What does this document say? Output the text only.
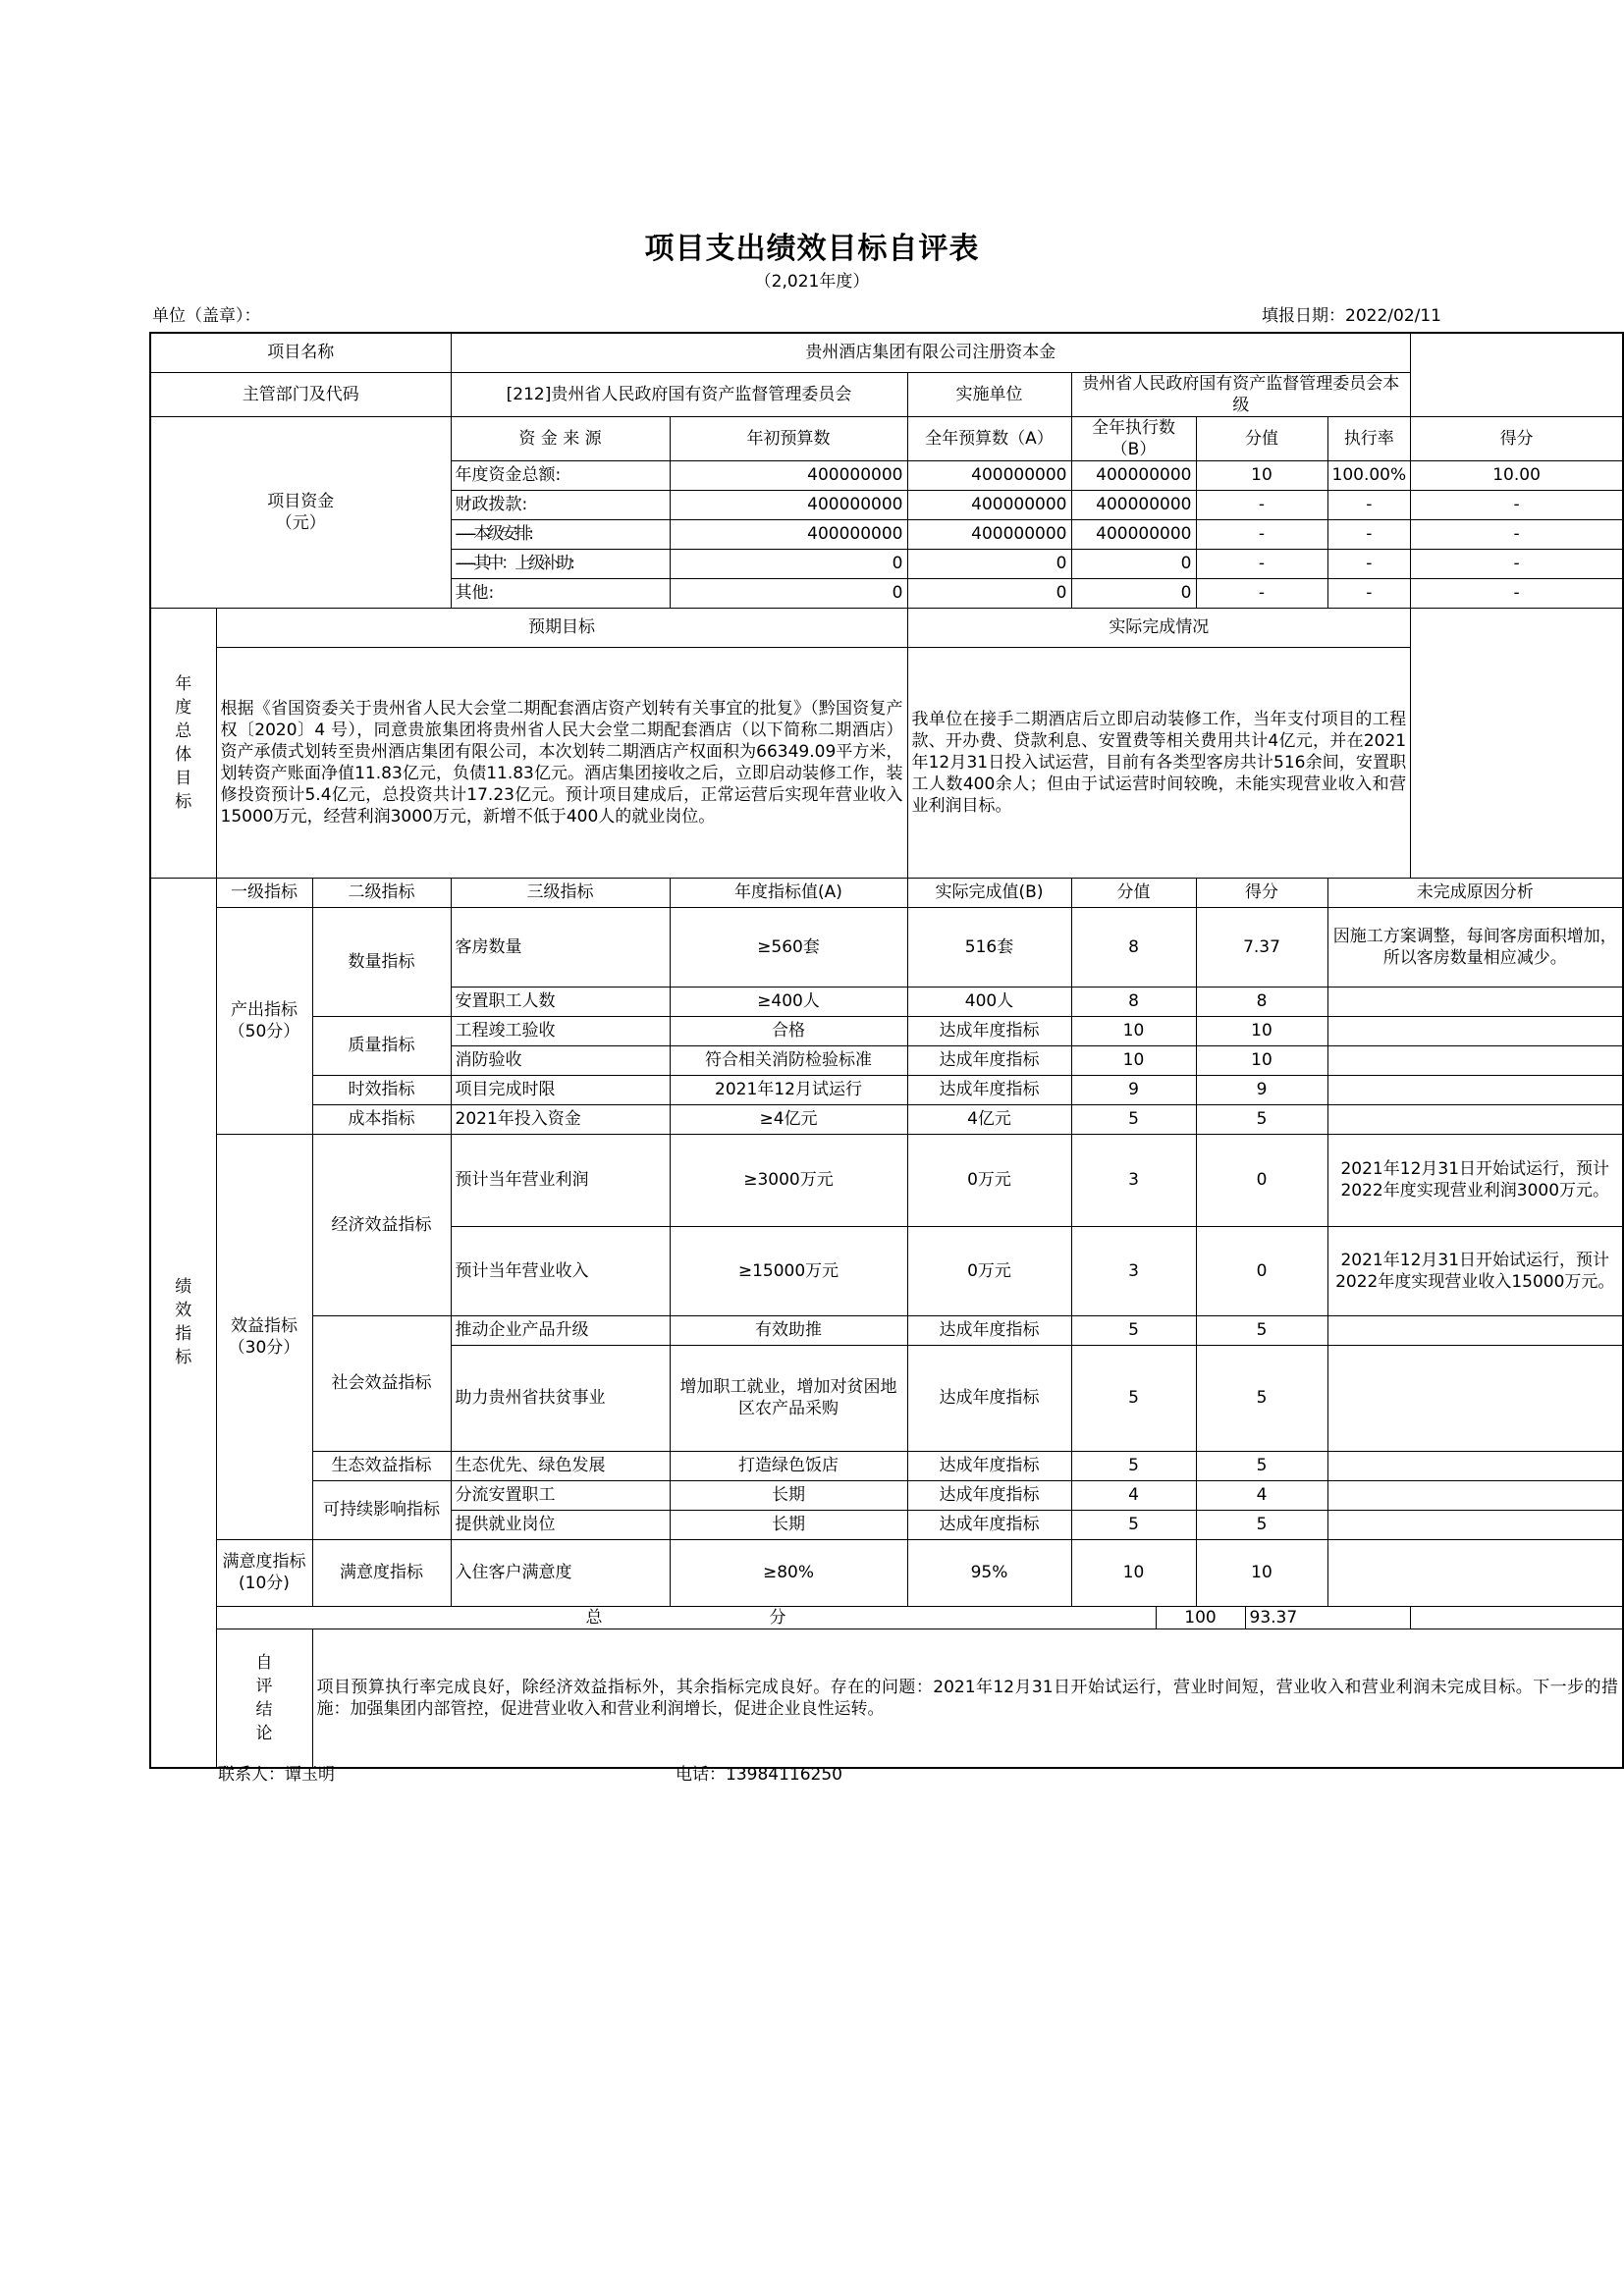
项目支出绩效目标自评表
（2,021年度）
单位（盖章）：	填报日期：2022/02/11
项目名称			贵州酒店集团有限公司注册资本金								
主管部门及代码			[212]贵州省人民政府国有资产监督管理委员会		实施单位	贵州省人民政府国有资产监督管理委员会本级					

项目资金
（元）			资 金 来 源	年初预算数	全年预算数（A）	全年执行数（B）		分值		执行率	得分
			年度资金总额:	400000000	400000000	400000000		10		100.00%	10.00
			财政拨款:	400000000	400000000	400000000		-		-	-
			------本级安排:	400000000	400000000	400000000		-		-	-
			------其中：上级补助:	0	0	0		-		-	-
			其他:	0	0	0		-		-	-

年度总体目标	预期目标				实际完成情况						

	根据《省国资委关于贵州省人民大会堂二期配套酒店资产划转有关事宜的批复》（黔国资复产权〔2020〕4 号），同意贵旅集团将贵州省人民大会堂二期配套酒店（以下简称二期酒店）资产承债式划转至贵州酒店集团有限公司，本次划转二期酒店产权面积为66349.09平方米，划转资产账面净值11.83亿元，负债11.83亿元。酒店集团接收之后，立即启动装修工作，装修投资预计5.4亿元，总投资共计17.23亿元。预计项目建成后，正常运营后实现年营业收入15000万元，经营利润3000万元，新增不低于400人的就业岗位。				我单位在接手二期酒店后立即启动装修工作，当年支付项目的工程款、开办费、贷款利息、安置费等相关费用共计4亿元，并在2021年12月31日投入试运营，目前有各类型客房共计516余间，安置职工人数400余人；但由于试运营时间较晚，未能实现营业收入和营业利润目标。						

绩效指标	一级指标	二级指标	三级指标	年度指标值(A)	实际完成值(B)	分值		得分		未完成原因分析	

	产出指标
（50分）	数量指标	客房数量	≥560套	516套	8		7.37		因施工方案调整，每间客房面积增加，所以客房数量相应减少。	
			安置职工人数	≥400人	400人	8		8			
		质量指标	工程竣工验收	合格	达成年度指标	10		10			
			消防验收	符合相关消防检验标准	达成年度指标	10		10			
		时效指标	项目完成时限	2021年12月试运行	达成年度指标	9		9			
		成本指标	2021年投入资金	≥4亿元	4亿元	5		5			

	效益指标
（30分）	经济效益指标	预计当年营业利润	≥3000万元	0万元	3		0		2021年12月31日开始试运行，预计2022年度实现营业利润3000万元。	
			预计当年营业收入	≥15000万元	0万元	3		0		2021年12月31日开始试运行，预计2022年度实现营业收入15000万元。	
		社会效益指标	推动企业产品升级	有效助推	达成年度指标	5		5			
			助力贵州省扶贫事业	增加职工就业，增加对贫困地区农产品采购	达成年度指标	5		5			
		生态效益指标	生态优先、绿色发展	打造绿色饭店	达成年度指标	5		5			
		可持续影响指标	分流安置职工	长期	达成年度指标	4		4			
			提供就业岗位	长期	达成年度指标	5		5			
	满意度指标(10分)	满意度指标	入住客户满意度	≥80%	95%	10		10			
	总　　　　　　　　　　分						100		93.37		

	自评结论	项目预算执行率完成良好，除经济效益指标外，其余指标完成良好。存在的问题：2021年12月31日开始试运行，营业时间短，营业收入和营业利润未完成目标。下一步的措施：加强集团内部管控，促进营业收入和营业利润增长，促进企业良性运转。									
联系人：谭玉明	电话：13984116250
